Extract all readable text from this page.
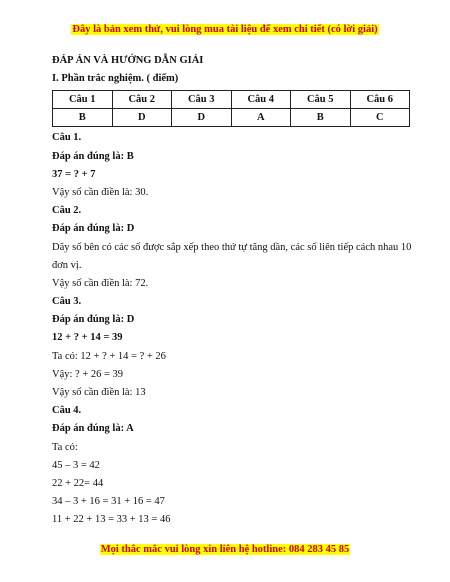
Đây là bản xem thử, vui lòng mua tài liệu để xem chi tiết (có lời giải)
ĐÁP ÁN VÀ HƯỚNG DẪN GIẢI
I. Phần trắc nghiệm. ( điểm)
Câu 1	Câu 2	Câu 3	Câu 4	Câu 5	Câu 6
B	D	D	A	B	C
Câu 1.
Đáp án đúng là: B
37 = ? + 7
Vậy số cần điền là: 30.
Câu 2.
Đáp án đúng là: D
Dãy số bên có các số được sắp xếp theo thứ tự tăng dần, các số liên tiếp cách nhau 10 đơn vị.
Vậy số cần điền là: 72.
Câu 3.
Đáp án đúng là: D
12 + ? + 14 = 39
Ta có: 12 + ? + 14 = ? + 26
Vậy: ? + 26 = 39
Vậy số cần điền là: 13
Câu 4.
Đáp án đúng là: A
Ta có:
45 – 3 = 42
22 + 22= 44
34 – 3 + 16 = 31 + 16 = 47
11 + 22 + 13 = 33 + 13 = 46
Mọi thắc mắc vui lòng xin liên hệ hotline: 084 283 45 85
